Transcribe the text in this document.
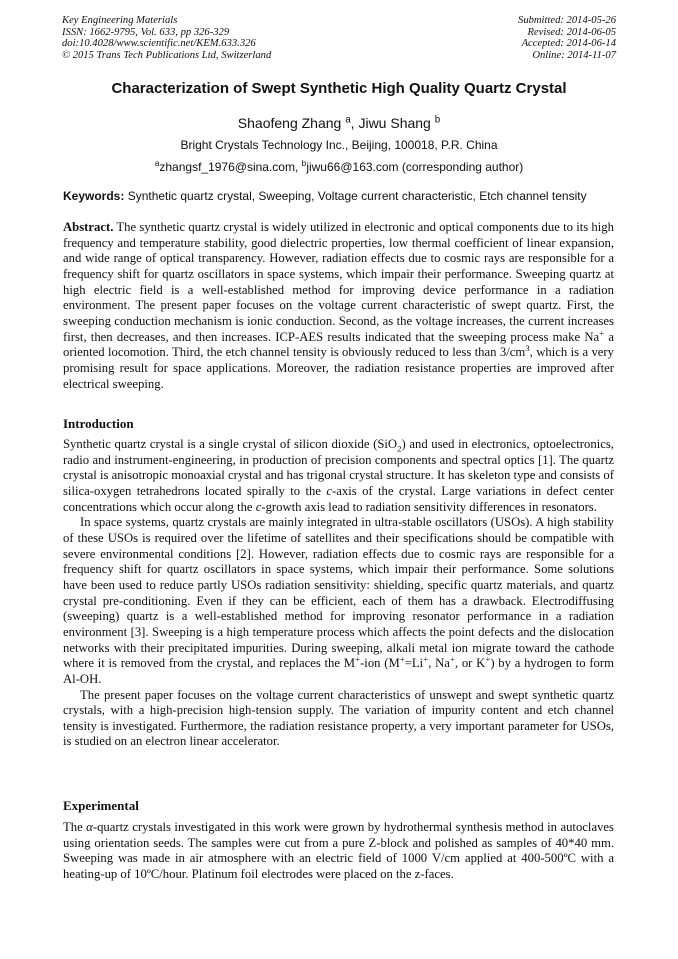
Key Engineering Materials
ISSN: 1662-9795, Vol. 633, pp 326-329
doi:10.4028/www.scientific.net/KEM.633.326
© 2015 Trans Tech Publications Ltd, Switzerland
Submitted: 2014-05-26
Revised: 2014-06-05
Accepted: 2014-06-14
Online: 2014-11-07
Characterization of Swept Synthetic High Quality Quartz Crystal
Shaofeng Zhang $^a$, Jiwu Shang $^b$
Bright Crystals Technology Inc., Beijing, 100018, P.R. China
$^a$zhangsf_1976@sina.com, $^b$jiwu66@163.com (corresponding author)
Keywords: Synthetic quartz crystal, Sweeping, Voltage current characteristic, Etch channel tensity

Abstract. The synthetic quartz crystal is widely utilized in electronic and optical components due to its high frequency and temperature stability, good dielectric properties, low thermal coefficient of linear expansion, and wide range of optical transparency. However, radiation effects due to cosmic rays are responsible for a frequency shift for quartz oscillators in space systems, which impair their performance. Sweeping quartz at high electric field is a well-established method for improving device performance in a radiation environment. The present paper focuses on the voltage current characteristic of swept quartz. First, the sweeping conduction mechanism is ionic conduction. Second, as the voltage increases, the current increases first, then decreases, and then increases. ICP-AES results indicated that the sweeping process make Na+ a oriented locomotion. Third, the etch channel tensity is obviously reduced to less than $3/cm^3$, which is a very promising result for space applications. Moreover, the radiation resistance properties are improved after electrical sweeping.

Introduction

Synthetic quartz crystal is a single crystal of silicon dioxide (SiO$_2$) and used in electronics, optoelectronics, radio and instrument-engineering, in production of precision components and spectral optics [1]. The quartz crystal is anisotropic monoaxial crystal and has trigonal crystal structure. It has skeleton type and consists of silica-oxygen tetrahedrons located spirally to the c-axis of the crystal. Large variations in defect center concentrations which occur along the c-growth axis lead to radiation sensitivity differences in resonators.

In space systems, quartz crystals are mainly integrated in ultra-stable oscillators (USOs). A high stability of these USOs is required over the lifetime of satellites and their specifications should be compatible with severe environmental conditions [2]. However, radiation effects due to cosmic rays are responsible for a frequency shift for quartz oscillators in space systems, which impair their performance. Some solutions have been used to reduce partly USOs radiation sensitivity: shielding, specific quartz materials, and quartz crystal pre-conditioning. Even if they can be efficient, each of them has a drawback. Electrodiffusing (sweeping) quartz is a well-established method for improving resonator performance in a radiation environment [3]. Sweeping is a high temperature process which affects the point defects and the dislocation networks with their precipitated impurities. During sweeping, alkali metal ion migrate toward the cathode where it is removed from the crystal, and replaces the M+-ion (M+=Li+, Na+, or K+) by a hydrogen to form Al-OH.

The present paper focuses on the voltage current characteristics of unswept and swept synthetic quartz crystals, with a high-precision high-tension supply. The variation of impurity content and etch channel tensity is investigated. Furthermore, the radiation resistance property, a very important parameter for USOs, is studied on an electron linear accelerator.

Experimental

The α-quartz crystals investigated in this work were grown by hydrothermal synthesis method in autoclaves using orientation seeds. The samples were cut from a pure Z-block and polished as samples of 40*40 mm. Sweeping was made in air atmosphere with an electric field of 1000 V/cm applied at 400-500ºC with a heating-up of 10ºC/hour. Platinum foil electrodes were placed on the z-faces.
